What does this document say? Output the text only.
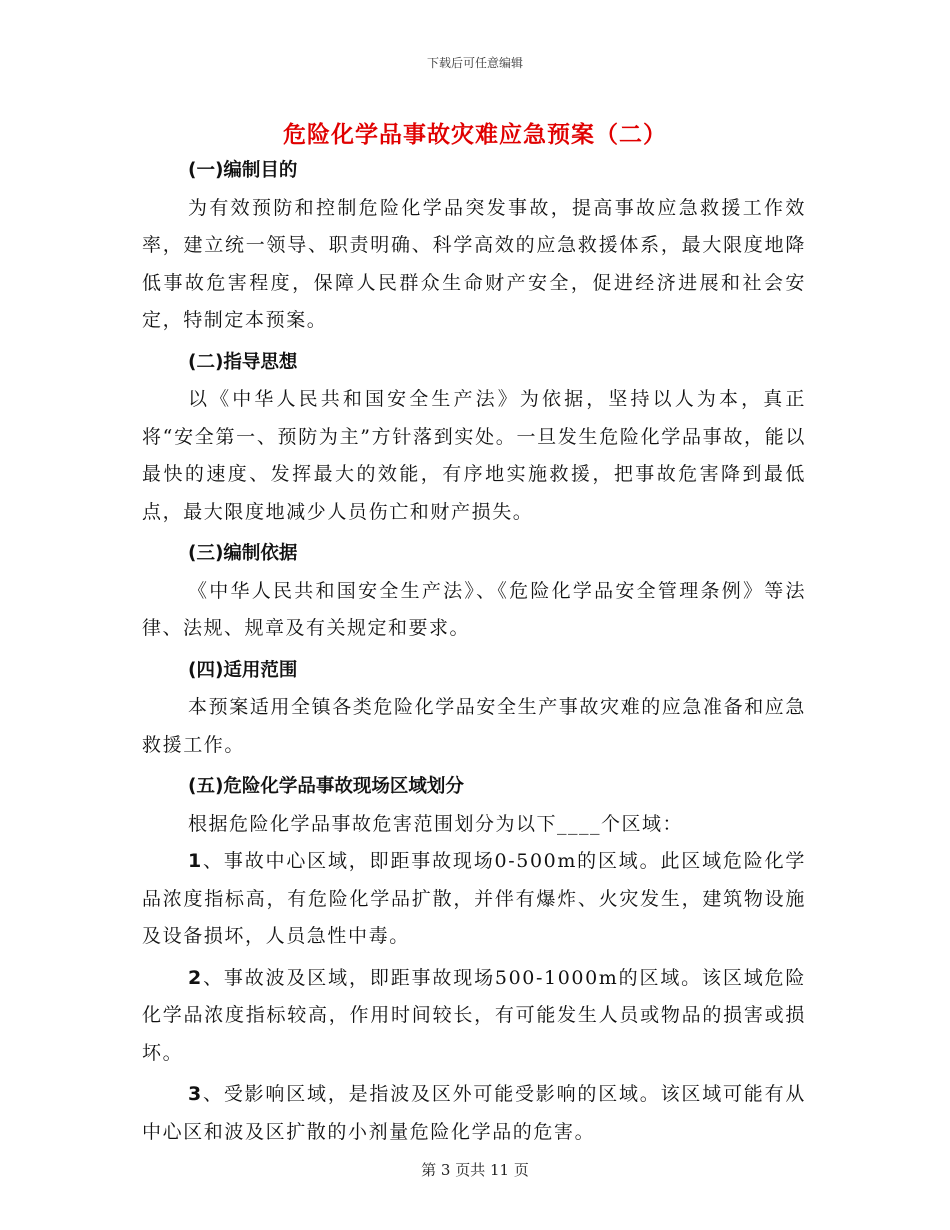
下载后可任意编辑
危险化学品事故灾难应急预案（二）

(一)编制目的

为有效预防和控制危险化学品突发事故，提高事故应急救援工作效率，建立统一领导、职责明确、科学高效的应急救援体系，最大限度地降低事故危害程度，保障人民群众生命财产安全，促进经济进展和社会安定，特制定本预案。

(二)指导思想

以《中华人民共和国安全生产法》为依据，坚持以人为本，真正将“安全第一、预防为主”方针落到实处。一旦发生危险化学品事故，能以最快的速度、发挥最大的效能，有序地实施救援，把事故危害降到最低点，最大限度地减少人员伤亡和财产损失。

(三)编制依据

《中华人民共和国安全生产法》、《危险化学品安全管理条例》等法律、法规、规章及有关规定和要求。

(四)适用范围

本预案适用全镇各类危险化学品安全生产事故灾难的应急准备和应急救援工作。

(五)危险化学品事故现场区域划分

根据危险化学品事故危害范围划分为以下____个区域：

1、事故中心区域，即距事故现场0-500m的区域。此区域危险化学品浓度指标高，有危险化学品扩散，并伴有爆炸、火灾发生，建筑物设施及设备损坏，人员急性中毒。

2、事故波及区域，即距事故现场500-1000m的区域。该区域危险化学品浓度指标较高，作用时间较长，有可能发生人员或物品的损害或损坏。

3、受影响区域，是指波及区外可能受影响的区域。该区域可能有从中心区和波及区扩散的小剂量危险化学品的危害。

第 3 页共 11 页
